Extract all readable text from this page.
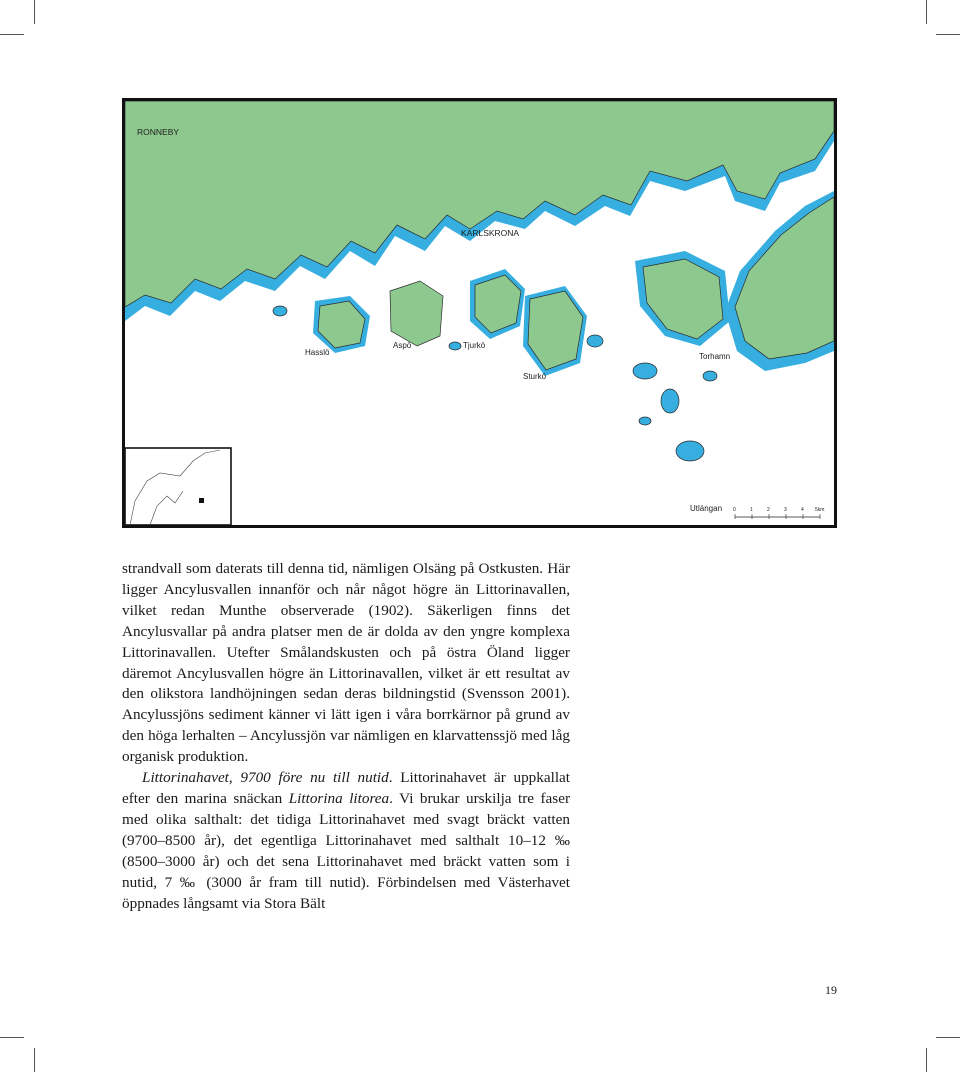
RONNEBY
KARLSKRONA
Hasslö
Aspö	Tjurkö
Sturkö
Torhamn
Utlängan 0	1	2	3	4 5km

strandvall som daterats till denna tid, nämligen Olsäng på Ostkusten. Här ligger Ancylusvallen innanför och når något högre än Littorinavallen, vilket redan Munthe observerade (1902). Säkerligen finns det Ancylusvallar på andra platser men de är dolda av den yngre komplexa Littorinavallen. Utefter Smålandskusten och på östra Öland ligger däremot Ancylusvallen högre än Littorinavallen, vilket är ett resultat av den olikstora landhöjningen sedan deras bildningstid (Svensson 2001). Ancylussjöns sediment känner vi lätt igen i våra borrkärnor på grund av den höga lerhalten – Ancylussjön var nämligen en klarvattenssjö med låg organisk produktion.

Littorinahavet, 9700 före nu till nutid. Littorinahavet är uppkallat efter den marina snäckan Littorina litorea. Vi brukar urskilja tre faser med olika salthalt: det tidiga Littorinahavet med svagt bräckt vatten (9700–8500 år), det egentliga Littorinahavet med salthalt 10–12 ‰ (8500–3000 år) och det sena Littorinahavet med bräckt vatten som i nutid, 7 ‰ (3000 år fram till nutid). Förbindelsen med Västerhavet öppnades långsamt via Stora Bält

19
